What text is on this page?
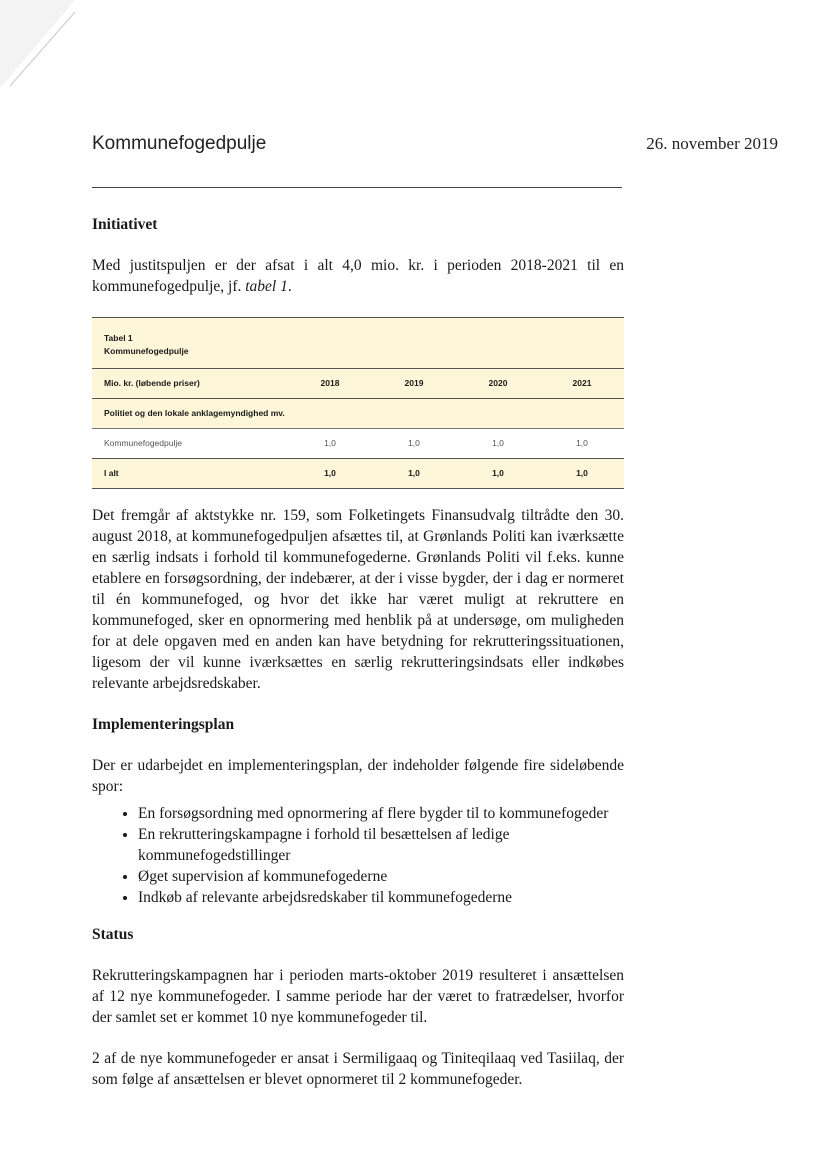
Kommunefogedpulje	26. november 2019
Initiativet

Med justitspuljen er der afsat i alt 4,0 mio. kr. i perioden 2018-2021 til en kommunefogedpulje, jf. tabel 1.

Tabel 1
Kommunefogedpulje
Mio. kr. (løbende priser)	2018	2019	2020	2021
Politiet og den lokale anklagemyndighed mv.				
Kommunefogedpulje	1,0	1,0	1,0	1,0
I alt	1,0	1,0	1,0	1,0

Det fremgår af aktstykke nr. 159, som Folketingets Finansudvalg tiltrådte den 30. august 2018, at kommunefogedpuljen afsættes til, at Grønlands Politi kan iværksætte en særlig indsats i forhold til kommunefogederne. Grønlands Politi vil f.eks. kunne etablere en forsøgsordning, der indebærer, at der i visse bygder, der i dag er normeret til én kommunefoged, og hvor det ikke har været muligt at rekruttere en kommunefoged, sker en opnormering med henblik på at undersøge, om muligheden for at dele opgaven med en anden kan have betydning for rekrutteringssituationen, ligesom der vil kunne iværksættes en særlig rekrutteringsindsats eller indkøbes relevante arbejdsredskaber.

Implementeringsplan

Der er udarbejdet en implementeringsplan, der indeholder følgende fire sideløbende spor:

• En forsøgsordning med opnormering af flere bygder til to kommunefogeder
• En rekrutteringskampagne i forhold til besættelsen af ledige kommunefogedstillinger
• Øget supervision af kommunefogederne
• Indkøb af relevante arbejdsredskaber til kommunefogederne
Status

Rekrutteringskampagnen har i perioden marts-oktober 2019 resulteret i ansættelsen af 12 nye kommunefogeder. I samme periode har der været to fratrædelser, hvorfor der samlet set er kommet 10 nye kommunefogeder til.

2 af de nye kommunefogeder er ansat i Sermiligaaq og Tiniteqilaaq ved Tasiilaq, der som følge af ansættelsen er blevet opnormeret til 2 kommunefogeder.
